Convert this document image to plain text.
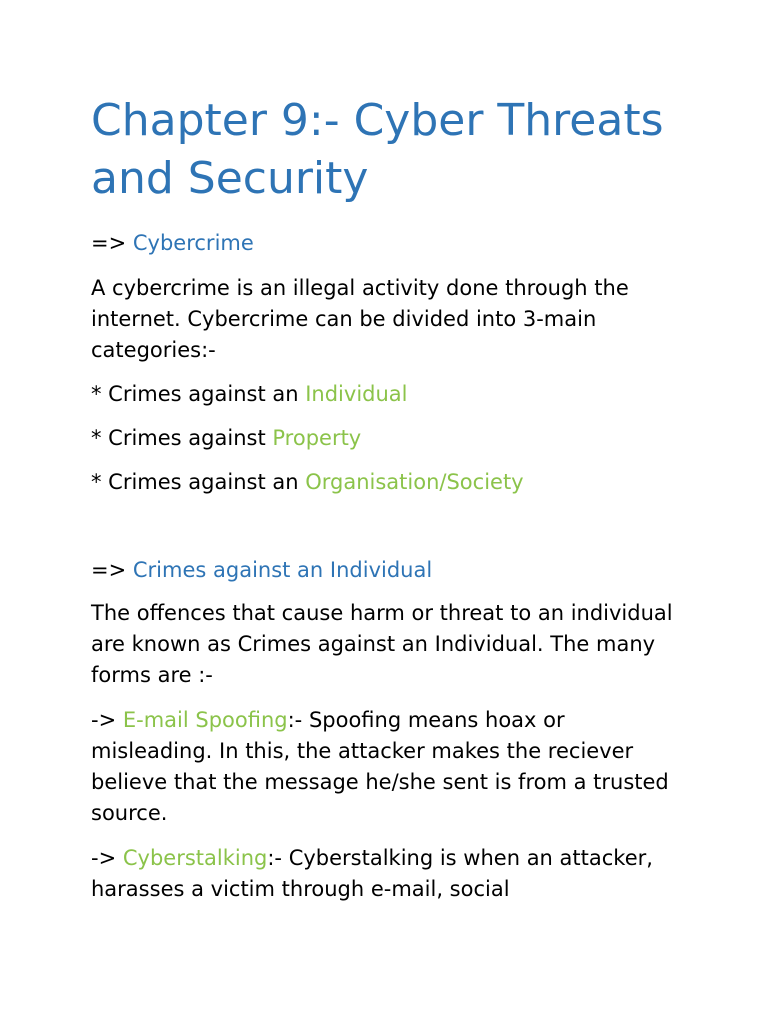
Chapter 9:- Cyber Threats and Security

=> Cybercrime

A cybercrime is an illegal activity done through the internet. Cybercrime can be divided into 3-main categories:-

* Crimes against an Individual

* Crimes against Property

* Crimes against an Organisation/Society

=> Crimes against an Individual

The offences that cause harm or threat to an individual are known as Crimes against an Individual. The many forms are :-

-> E-mail Spoofing:- Spoofing means hoax or misleading. In this, the attacker makes the reciever believe that the message he/she sent is from a trusted source.

-> Cyberstalking:- Cyberstalking is when an attacker, harasses a victim through e-mail, social
